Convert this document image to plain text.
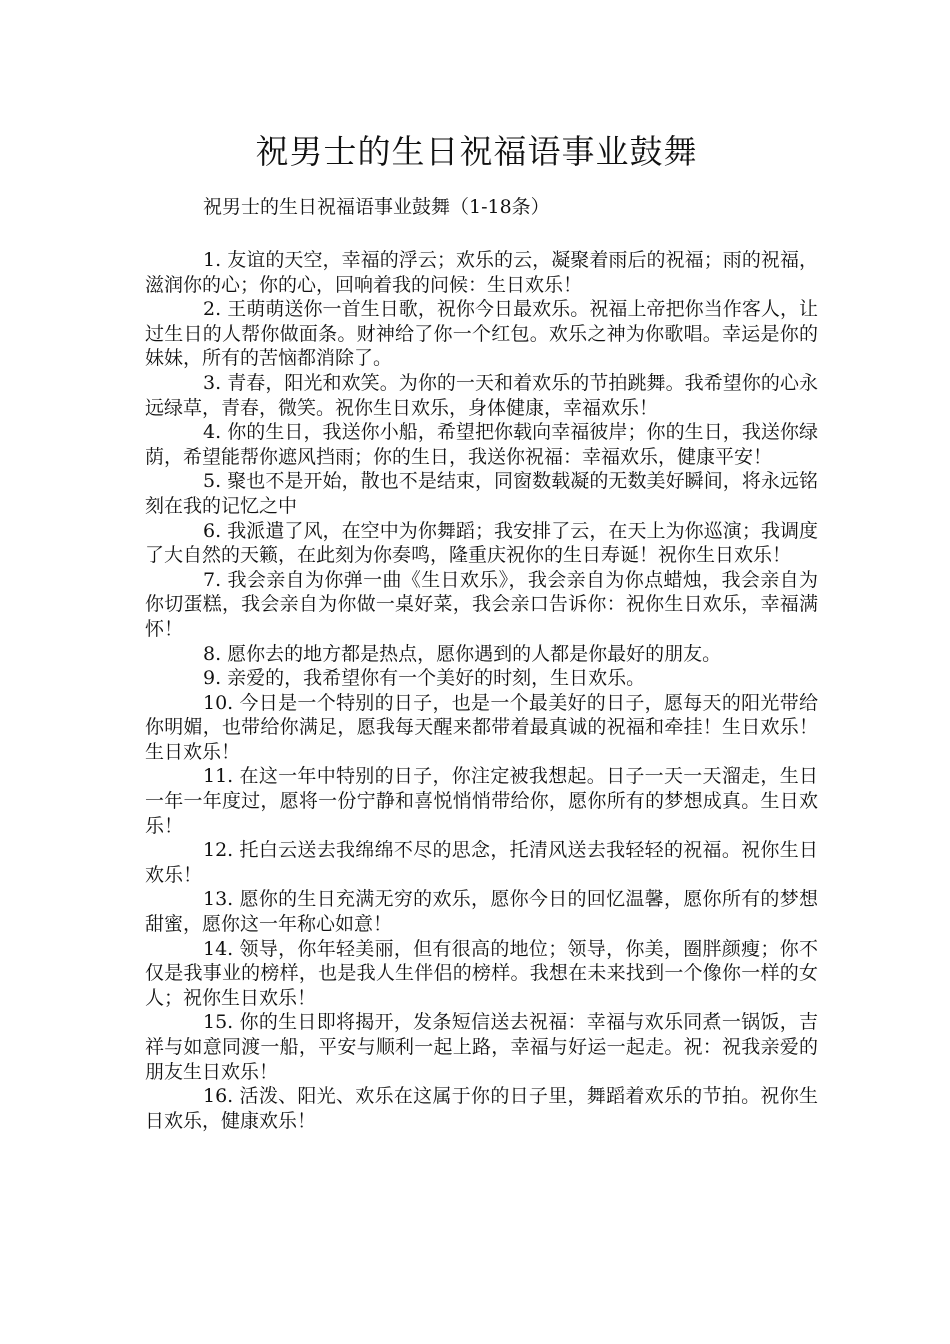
祝男士的生日祝福语事业鼓舞

祝男士的生日祝福语事业鼓舞（1-18条）

1. 友谊的天空，幸福的浮云；欢乐的云，凝聚着雨后的祝福；雨的祝福，滋润你的心；你的心，回响着我的问候：生日欢乐！

2. 王萌萌送你一首生日歌，祝你今日最欢乐。祝福上帝把你当作客人，让过生日的人帮你做面条。财神给了你一个红包。欢乐之神为你歌唱。幸运是你的妹妹，所有的苦恼都消除了。

3. 青春，阳光和欢笑。为你的一天和着欢乐的节拍跳舞。我希望你的心永远绿草，青春，微笑。祝你生日欢乐，身体健康，幸福欢乐！

4. 你的生日，我送你小船，希望把你载向幸福彼岸；你的生日，我送你绿荫，希望能帮你遮风挡雨；你的生日，我送你祝福：幸福欢乐，健康平安！

5. 聚也不是开始，散也不是结束，同窗数载凝的无数美好瞬间，将永远铭刻在我的记忆之中

6. 我派遣了风，在空中为你舞蹈；我安排了云，在天上为你巡演；我调度了大自然的天籁，在此刻为你奏鸣，隆重庆祝你的生日寿诞！祝你生日欢乐！

7. 我会亲自为你弹一曲《生日欢乐》，我会亲自为你点蜡烛，我会亲自为你切蛋糕，我会亲自为你做一桌好菜，我会亲口告诉你：祝你生日欢乐，幸福满怀！

8. 愿你去的地方都是热点，愿你遇到的人都是你最好的朋友。

9. 亲爱的，我希望你有一个美好的时刻，生日欢乐。

10. 今日是一个特别的日子，也是一个最美好的日子，愿每天的阳光带给你明媚，也带给你满足，愿我每天醒来都带着最真诚的祝福和牵挂！生日欢乐！生日欢乐！

11. 在这一年中特别的日子，你注定被我想起。日子一天一天溜走，生日一年一年度过，愿将一份宁静和喜悦悄悄带给你，愿你所有的梦想成真。生日欢乐！

12. 托白云送去我绵绵不尽的思念，托清风送去我轻轻的祝福。祝你生日欢乐！

13. 愿你的生日充满无穷的欢乐，愿你今日的回忆温馨，愿你所有的梦想甜蜜，愿你这一年称心如意！

14. 领导，你年轻美丽，但有很高的地位；领导，你美，圈胖颜瘦；你不仅是我事业的榜样，也是我人生伴侣的榜样。我想在未来找到一个像你一样的女人；祝你生日欢乐！

15. 你的生日即将揭开，发条短信送去祝福：幸福与欢乐同煮一锅饭，吉祥与如意同渡一船，平安与顺利一起上路，幸福与好运一起走。祝：祝我亲爱的朋友生日欢乐！

16. 活泼、阳光、欢乐在这属于你的日子里，舞蹈着欢乐的节拍。祝你生日欢乐，健康欢乐！
